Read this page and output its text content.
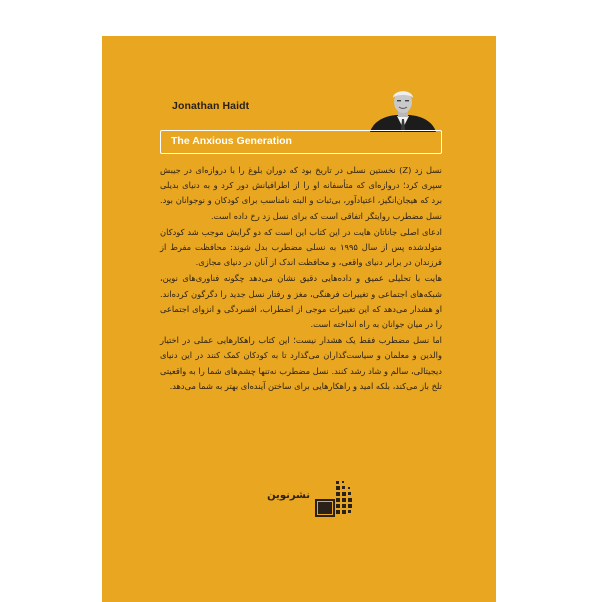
Jonathan Haidt
The Anxious Generation

نسل زد (Z) نخستین نسلی در تاریخ بود که دوران بلوغ را با دروازه‌ای در جیبش سپری کرد؛ دروازه‌ای که متأسفانه او را از اطرافیانش دور کرد و به دنیای بدیلی برد که هیجان‌انگیز، اعتیادآور، بی‌ثبات و البته نامناسب برای کودکان و نوجوانان بود. نسل مضطرب روایتگر اتفاقی است که برای نسل زد رخ داده است.

ادعای اصلی جاناتان هایت در این کتاب این است که دو گرایش موجب شد کودکان متولدشده پس از سال ۱۹۹۵ به نسلی مضطرب بدل شوند: محافظت مفرط از فرزندان در برابر دنیای واقعی، و محافظت اندک از آنان در دنیای مجازی.

هایت با تحلیلی عمیق و داده‌هایی دقیق نشان می‌دهد چگونه فناوری‌های نوین، شبکه‌های اجتماعی و تغییرات فرهنگی، مغز و رفتار نسل جدید را دگرگون کرده‌اند. او هشدار می‌دهد که این تغییرات موجی از اضطراب، افسردگی و انزوای اجتماعی را در میان جوانان به راه انداخته است.

اما نسل مضطرب فقط یک هشدار نیست؛ این کتاب راهکارهایی عملی در اختیار والدین و معلمان و سیاست‌گذاران می‌گذارد تا به کودکان کمک کنند در این دنیای دیجیتالی، سالم و شاد رشد کنند. نسل مضطرب نه‌تنها چشم‌های شما را به واقعیتی تلخ باز می‌کند، بلکه امید و راهکارهایی برای ساختن آینده‌ای بهتر به شما می‌دهد.

نشرنوین
